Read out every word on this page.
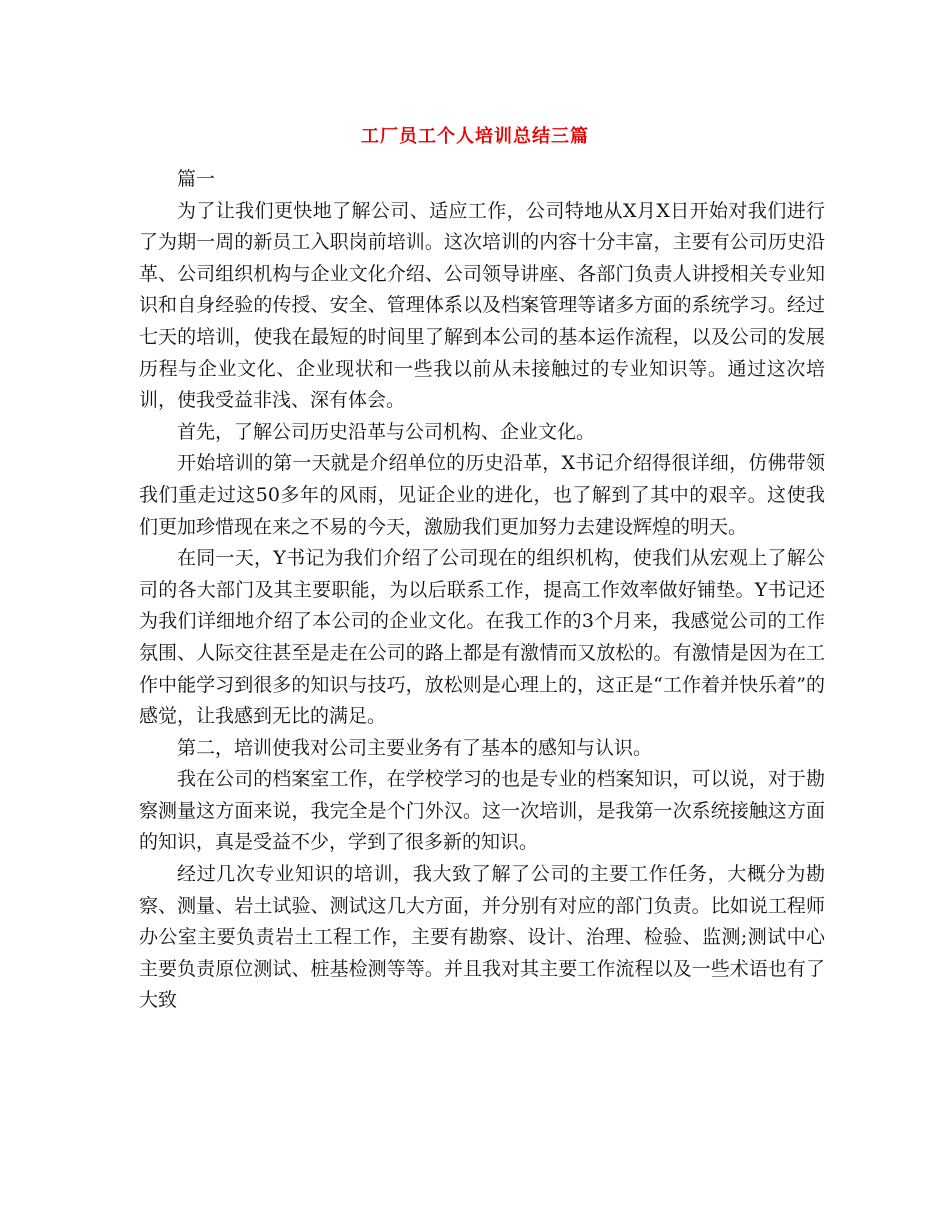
工厂员工个人培训总结三篇

篇一

为了让我们更快地了解公司、适应工作，公司特地从X月X日开始对我们进行了为期一周的新员工入职岗前培训。这次培训的内容十分丰富，主要有公司历史沿革、公司组织机构与企业文化介绍、公司领导讲座、各部门负责人讲授相关专业知识和自身经验的传授、安全、管理体系以及档案管理等诸多方面的系统学习。经过七天的培训，使我在最短的时间里了解到本公司的基本运作流程，以及公司的发展历程与企业文化、企业现状和一些我以前从未接触过的专业知识等。通过这次培训，使我受益非浅、深有体会。

首先，了解公司历史沿革与公司机构、企业文化。

开始培训的第一天就是介绍单位的历史沿革，X书记介绍得很详细，仿佛带领我们重走过这50多年的风雨，见证企业的进化，也了解到了其中的艰辛。这使我们更加珍惜现在来之不易的今天，激励我们更加努力去建设辉煌的明天。

在同一天，Y书记为我们介绍了公司现在的组织机构，使我们从宏观上了解公司的各大部门及其主要职能，为以后联系工作，提高工作效率做好铺垫。Y书记还为我们详细地介绍了本公司的企业文化。在我工作的3个月来，我感觉公司的工作氛围、人际交往甚至是走在公司的路上都是有激情而又放松的。有激情是因为在工作中能学习到很多的知识与技巧，放松则是心理上的，这正是“工作着并快乐着”的感觉，让我感到无比的满足。

第二，培训使我对公司主要业务有了基本的感知与认识。

我在公司的档案室工作，在学校学习的也是专业的档案知识，可以说，对于勘察测量这方面来说，我完全是个门外汉。这一次培训，是我第一次系统接触这方面的知识，真是受益不少，学到了很多新的知识。

经过几次专业知识的培训，我大致了解了公司的主要工作任务，大概分为勘察、测量、岩土试验、测试这几大方面，并分别有对应的部门负责。比如说工程师办公室主要负责岩土工程工作，主要有勘察、设计、治理、检验、监测;测试中心主要负责原位测试、桩基检测等等。并且我对其主要工作流程以及一些术语也有了大致
